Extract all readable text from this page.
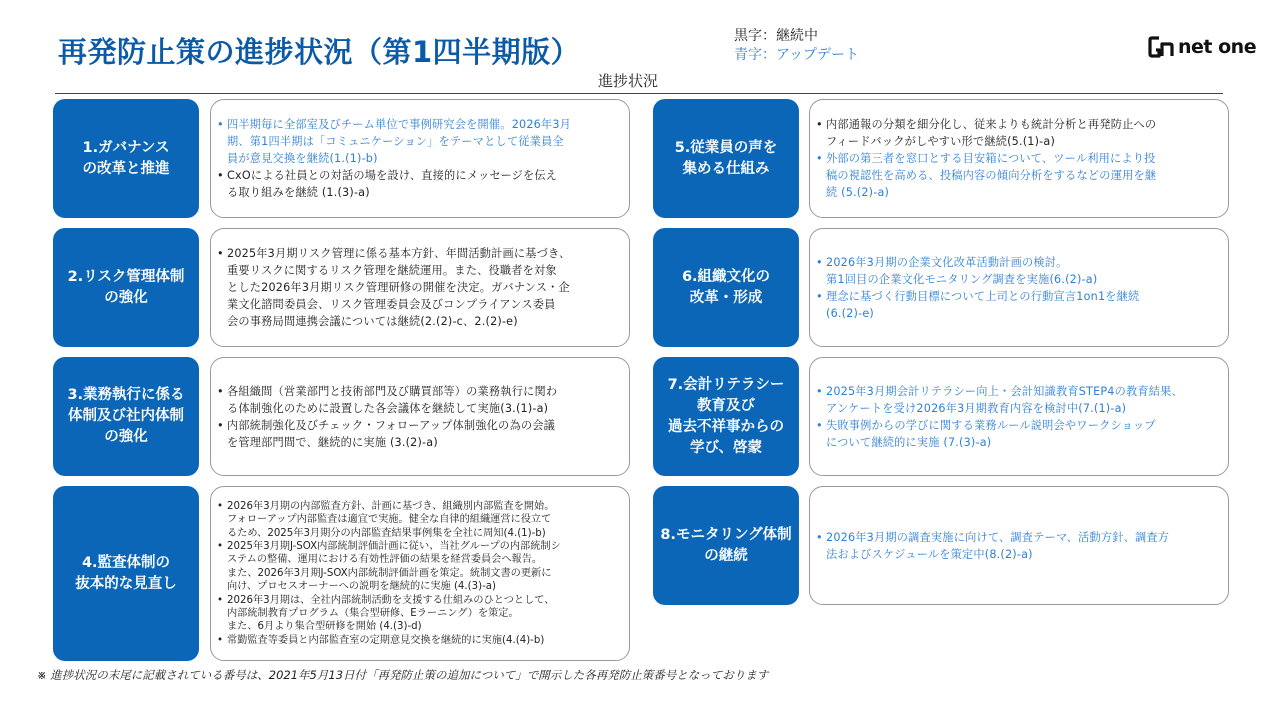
再発防止策の進捗状況（第1四半期版）	黒字：継続中
青字：アップデート	net one
進捗状況
1.ガバナンス
の改革と推進
• 四半期毎に全部室及びチーム単位で事例研究会を開催。2026年3月
期、第1四半期は「コミュニケーション」をテーマとして従業員全
員が意見交換を継続(1.(1)-b)
• CxOによる社員との対話の場を設け、直接的にメッセージを伝え
る取り組みを継続 (1.(3)-a)
2.リスク管理体制
の強化
• 2025年3月期リスク管理に係る基本方針、年間活動計画に基づき、
重要リスクに関するリスク管理を継続運用。また、役職者を対象
とした2026年3月期リスク管理研修の開催を決定。ガバナンス・企
業文化諮問委員会、リスク管理委員会及びコンプライアンス委員
会の事務局間連携会議については継続(2.(2)-c、2.(2)-e)
3.業務執行に係る
体制及び社内体制
の強化
• 各組織間（営業部門と技術部門及び購買部等）の業務執行に関わ
る体制強化のために設置した各会議体を継続して実施(3.(1)-a)
• 内部統制強化及びチェック・フォローアップ体制強化の為の会議
を管理部門間で、継続的に実施 (3.(2)-a)
4.監査体制の
抜本的な見直し
• 2026年3月期の内部監査方針、計画に基づき、組織別内部監査を開始。
フォローアップ内部監査は適宜で実施。健全な自律的組織運営に役立て
るため、2025年3月期分の内部監査結果事例集を全社に周知(4.(1)-b)
• 2025年3月期J-SOX内部統制評価計画に従い、当社グループの内部統制シ
ステムの整備、運用における有効性評価の結果を経営委員会へ報告。
また、2026年3月期J-SOX内部統制評価計画を策定。統制文書の更新に
向け、プロセスオーナーへの説明を継続的に実施 (4.(3)-a)
• 2026年3月期は、全社内部統制活動を支援する仕組みのひとつとして、
内部統制教育プログラム（集合型研修、Eラーニング）を策定。
また、6月より集合型研修を開始 (4.(3)-d)
• 常勤監査等委員と内部監査室の定期意見交換を継続的に実施(4.(4)-b)
5.従業員の声を
集める仕組み
• 内部通報の分類を細分化し、従来よりも統計分析と再発防止への
フィードバックがしやすい形で継続(5.(1)-a)
• 外部の第三者を窓口とする目安箱について、ツール利用により投
稿の視認性を高める、投稿内容の傾向分析をするなどの運用を継
続 (5.(2)-a)
6.組織文化の
改革・形成
• 2026年3月期の企業文化改革活動計画の検討。
第1回目の企業文化モニタリング調査を実施(6.(2)-a)
• 理念に基づく行動目標について上司との行動宣言1on1を継続
(6.(2)-e)
7.会計リテラシー
教育及び
過去不祥事からの
学び、啓蒙
• 2025年3月期会計リテラシー向上・会計知識教育STEP4の教育結果、
アンケートを受け2026年3月期教育内容を検討中(7.(1)-a)
• 失敗事例からの学びに関する業務ルール説明会やワークショップ
について継続的に実施 (7.(3)-a)
8.モニタリング体制
の継続
• 2026年3月期の調査実施に向けて、調査テーマ、活動方針、調査方
法およびスケジュールを策定中(8.(2)-a)
※ 進捗状況の末尾に記載されている番号は、2021年5月13日付「再発防止策の追加について」で開示した各再発防止策番号となっております
